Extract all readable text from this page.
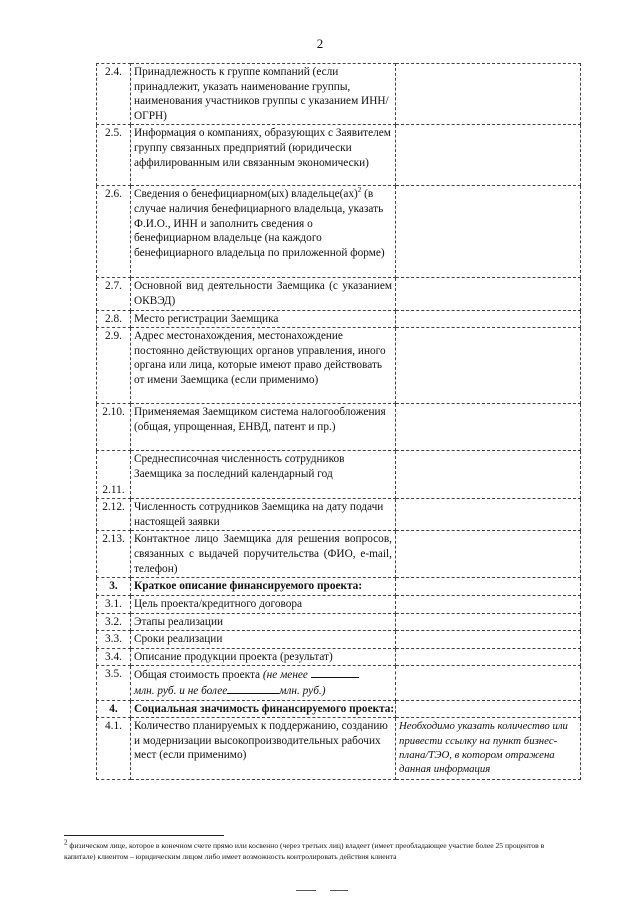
2
2.4.	Принадлежность к группе компаний (если принадлежит, указать наименование группы, наименования участников группы с указанием ИНН/ОГРН)	
2.5.	Информация о компаниях, образующих с Заявителем группу связанных предприятий (юридически аффилированным или связанным экономически)	
2.6.	Сведения о бенефициарном(ых) владельце(ах)$^2$ (в случае наличия бенефициарного владельца, указать Ф.И.О., ИНН и заполнить сведения о бенефициарном владельце (на каждого бенефициарного владельца по приложенной форме)	
2.7.	Основной вид деятельности Заемщика (с указанием ОКВЭД)	
2.8.	Место регистрации Заемщика	
2.9.	Адрес местонахождения, местонахождение постоянно действующих органов управления, иного органа или лица, которые имеют право действовать от имени Заемщика (если применимо)	
2.10.	Применяемая Заемщиком система налогообложения (общая, упрощенная, ЕНВД, патент и пр.)	
2.11.	Среднесписочная численность сотрудников Заемщика за последний календарный год	
2.12.	Численность сотрудников Заемщика на дату подачи настоящей заявки	
2.13.	Контактное лицо Заемщика для решения вопросов, связанных с выдачей поручительства (ФИО, e-mail, телефон)	
3.	Краткое описание финансируемого проекта:	
3.1.	Цель проекта/кредитного договора	
3.2.	Этапы реализации	
3.3.	Сроки реализации	
3.4.	Описание продукции проекта (результат)	
3.5.	Общая стоимость проекта (не менее
млн. руб. и не более млн. руб.)	
4.	Социальная значимость финансируемого проекта:	
4.1.	Количество планируемых к поддержанию, созданию и модернизации высокопроизводительных рабочих мест (если применимо)	Необходимо указать количество или привести ссылку на пункт бизнес-плана/ТЭО, в котором отражена данная информация
2 физическом лице, которое в конечном счете прямо или косвенно (через третьих лиц) владеет (имеет преобладающее участие более 25 процентов в капитале) клиентом – юридическим лицом либо имеет возможность контролировать действия клиента
